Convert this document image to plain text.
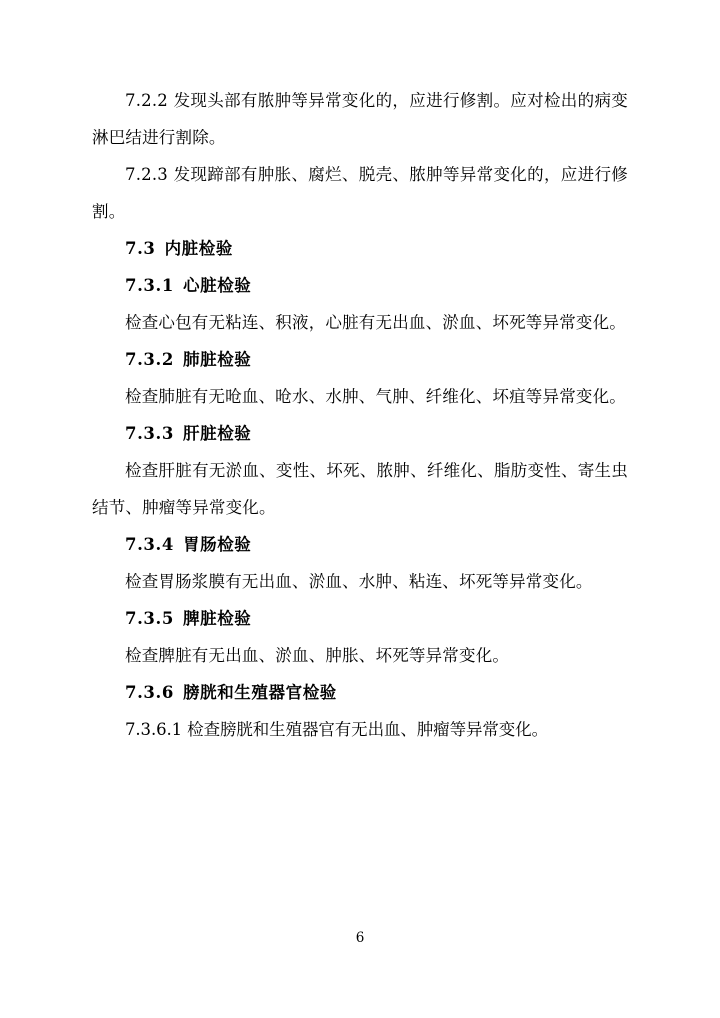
7.2.2 发现头部有脓肿等异常变化的，应进行修割。应对检出的病变淋巴结进行割除。

7.2.3 发现蹄部有肿胀、腐烂、脱壳、脓肿等异常变化的，应进行修割。

7.3 内脏检验

7.3.1 心脏检验

检查心包有无粘连、积液，心脏有无出血、淤血、坏死等异常变化。

7.3.2 肺脏检验

检查肺脏有无呛血、呛水、水肿、气肿、纤维化、坏疽等异常变化。

7.3.3 肝脏检验

检查肝脏有无淤血、变性、坏死、脓肿、纤维化、脂肪变性、寄生虫结节、肿瘤等异常变化。

7.3.4 胃肠检验

检查胃肠浆膜有无出血、淤血、水肿、粘连、坏死等异常变化。

7.3.5 脾脏检验

检查脾脏有无出血、淤血、肿胀、坏死等异常变化。

7.3.6 膀胱和生殖器官检验

7.3.6.1 检查膀胱和生殖器官有无出血、肿瘤等异常变化。

6
